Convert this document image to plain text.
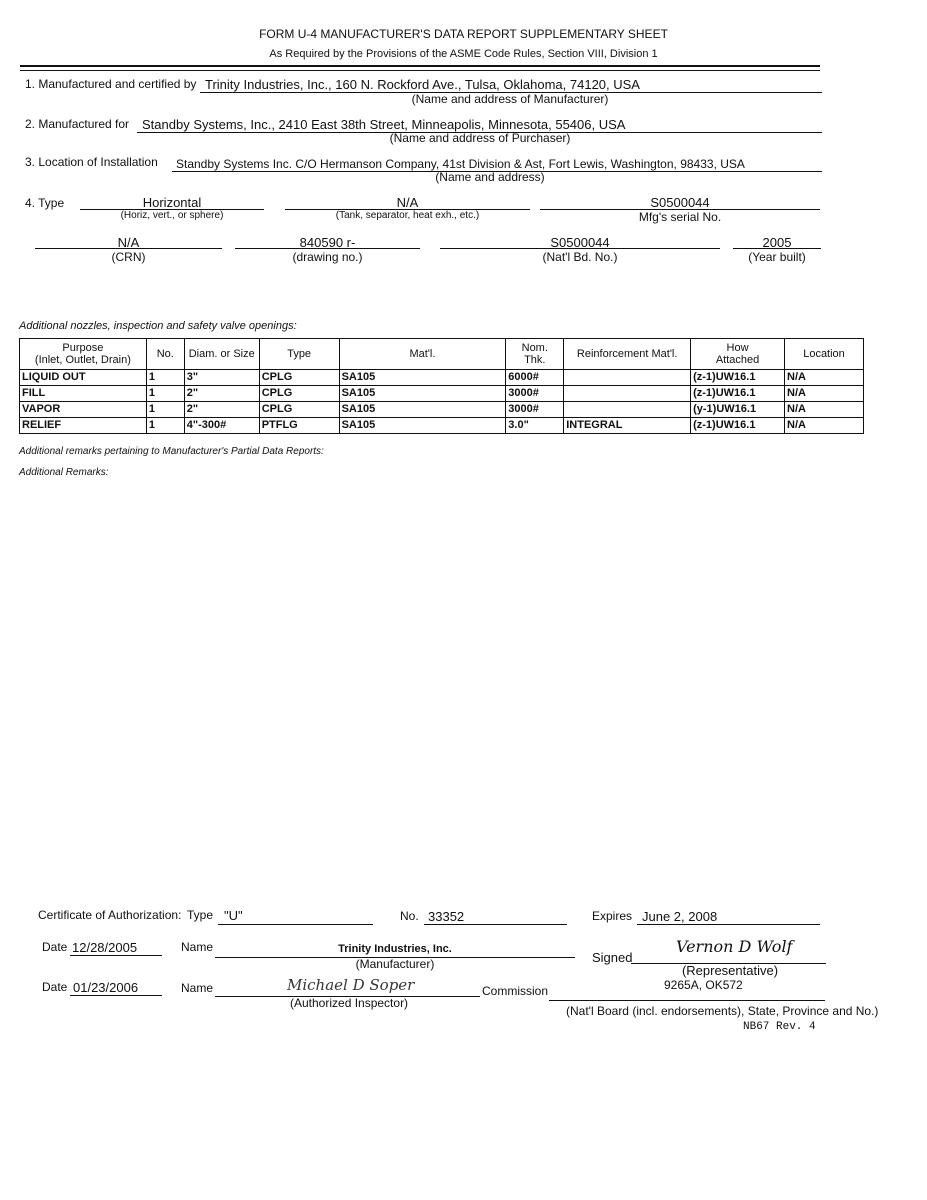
FORM U-4 MANUFACTURER'S DATA REPORT SUPPLEMENTARY SHEET
As Required by the Provisions of the ASME Code Rules, Section VIII, Division 1
1. Manufactured and certified by Trinity Industries, Inc., 160 N. Rockford Ave., Tulsa, Oklahoma, 74120, USA
(Name and address of Manufacturer)
2. Manufactured for Standby Systems, Inc., 2410 East 38th Street, Minneapolis, Minnesota, 55406, USA
(Name and address of Purchaser)
3. Location of Installation Standby Systems Inc. C/O Hermanson Company, 41st Division & Ast, Fort Lewis, Washington, 98433, USA
(Name and address)
4. Type	Horizontal
(Horiz, vert., or sphere)
N/A
(Tank, separator, heat exh., etc.)
S0500044
Mfg's serial No.
N/A
(CRN)
840590 r-
(drawing no.)
S0500044
(Nat'l Bd. No.)
2005
(Year built)
Additional nozzles, inspection and safety valve openings:
Purpose
(Inlet, Outlet, Drain)	No.	Diam. or Size	Type	Mat'l.	Nom.
Thk.	Reinforcement Mat'l.	How
Attached	Location
LIQUID OUT	1	3"	CPLG	SA105	6000#		(z-1)UW16.1	N/A
FILL	1	2"	CPLG	SA105	3000#		(z-1)UW16.1	N/A
VAPOR	1	2"	CPLG	SA105	3000#		(y-1)UW16.1	N/A
RELIEF	1	4"-300#	PTFLG	SA105	3.0"	INTEGRAL	(z-1)UW16.1	N/A
Additional remarks pertaining to Manufacturer's Partial Data Reports:
Additional Remarks:
Certificate of Authorization: Type "U"	No. 33352	Expires June 2, 2008
Date 12/28/2005	Name	Trinity Industries, Inc.
(Manufacturer)	Signed
Vernon D Wolf
(Representative)
Date 01/23/2006	Name	Michael D Soper
(Authorized Inspector)
Commission	9265A, OK572
(Nat'l Board (incl. endorsements), State, Province and No.)
NB67 Rev. 4
